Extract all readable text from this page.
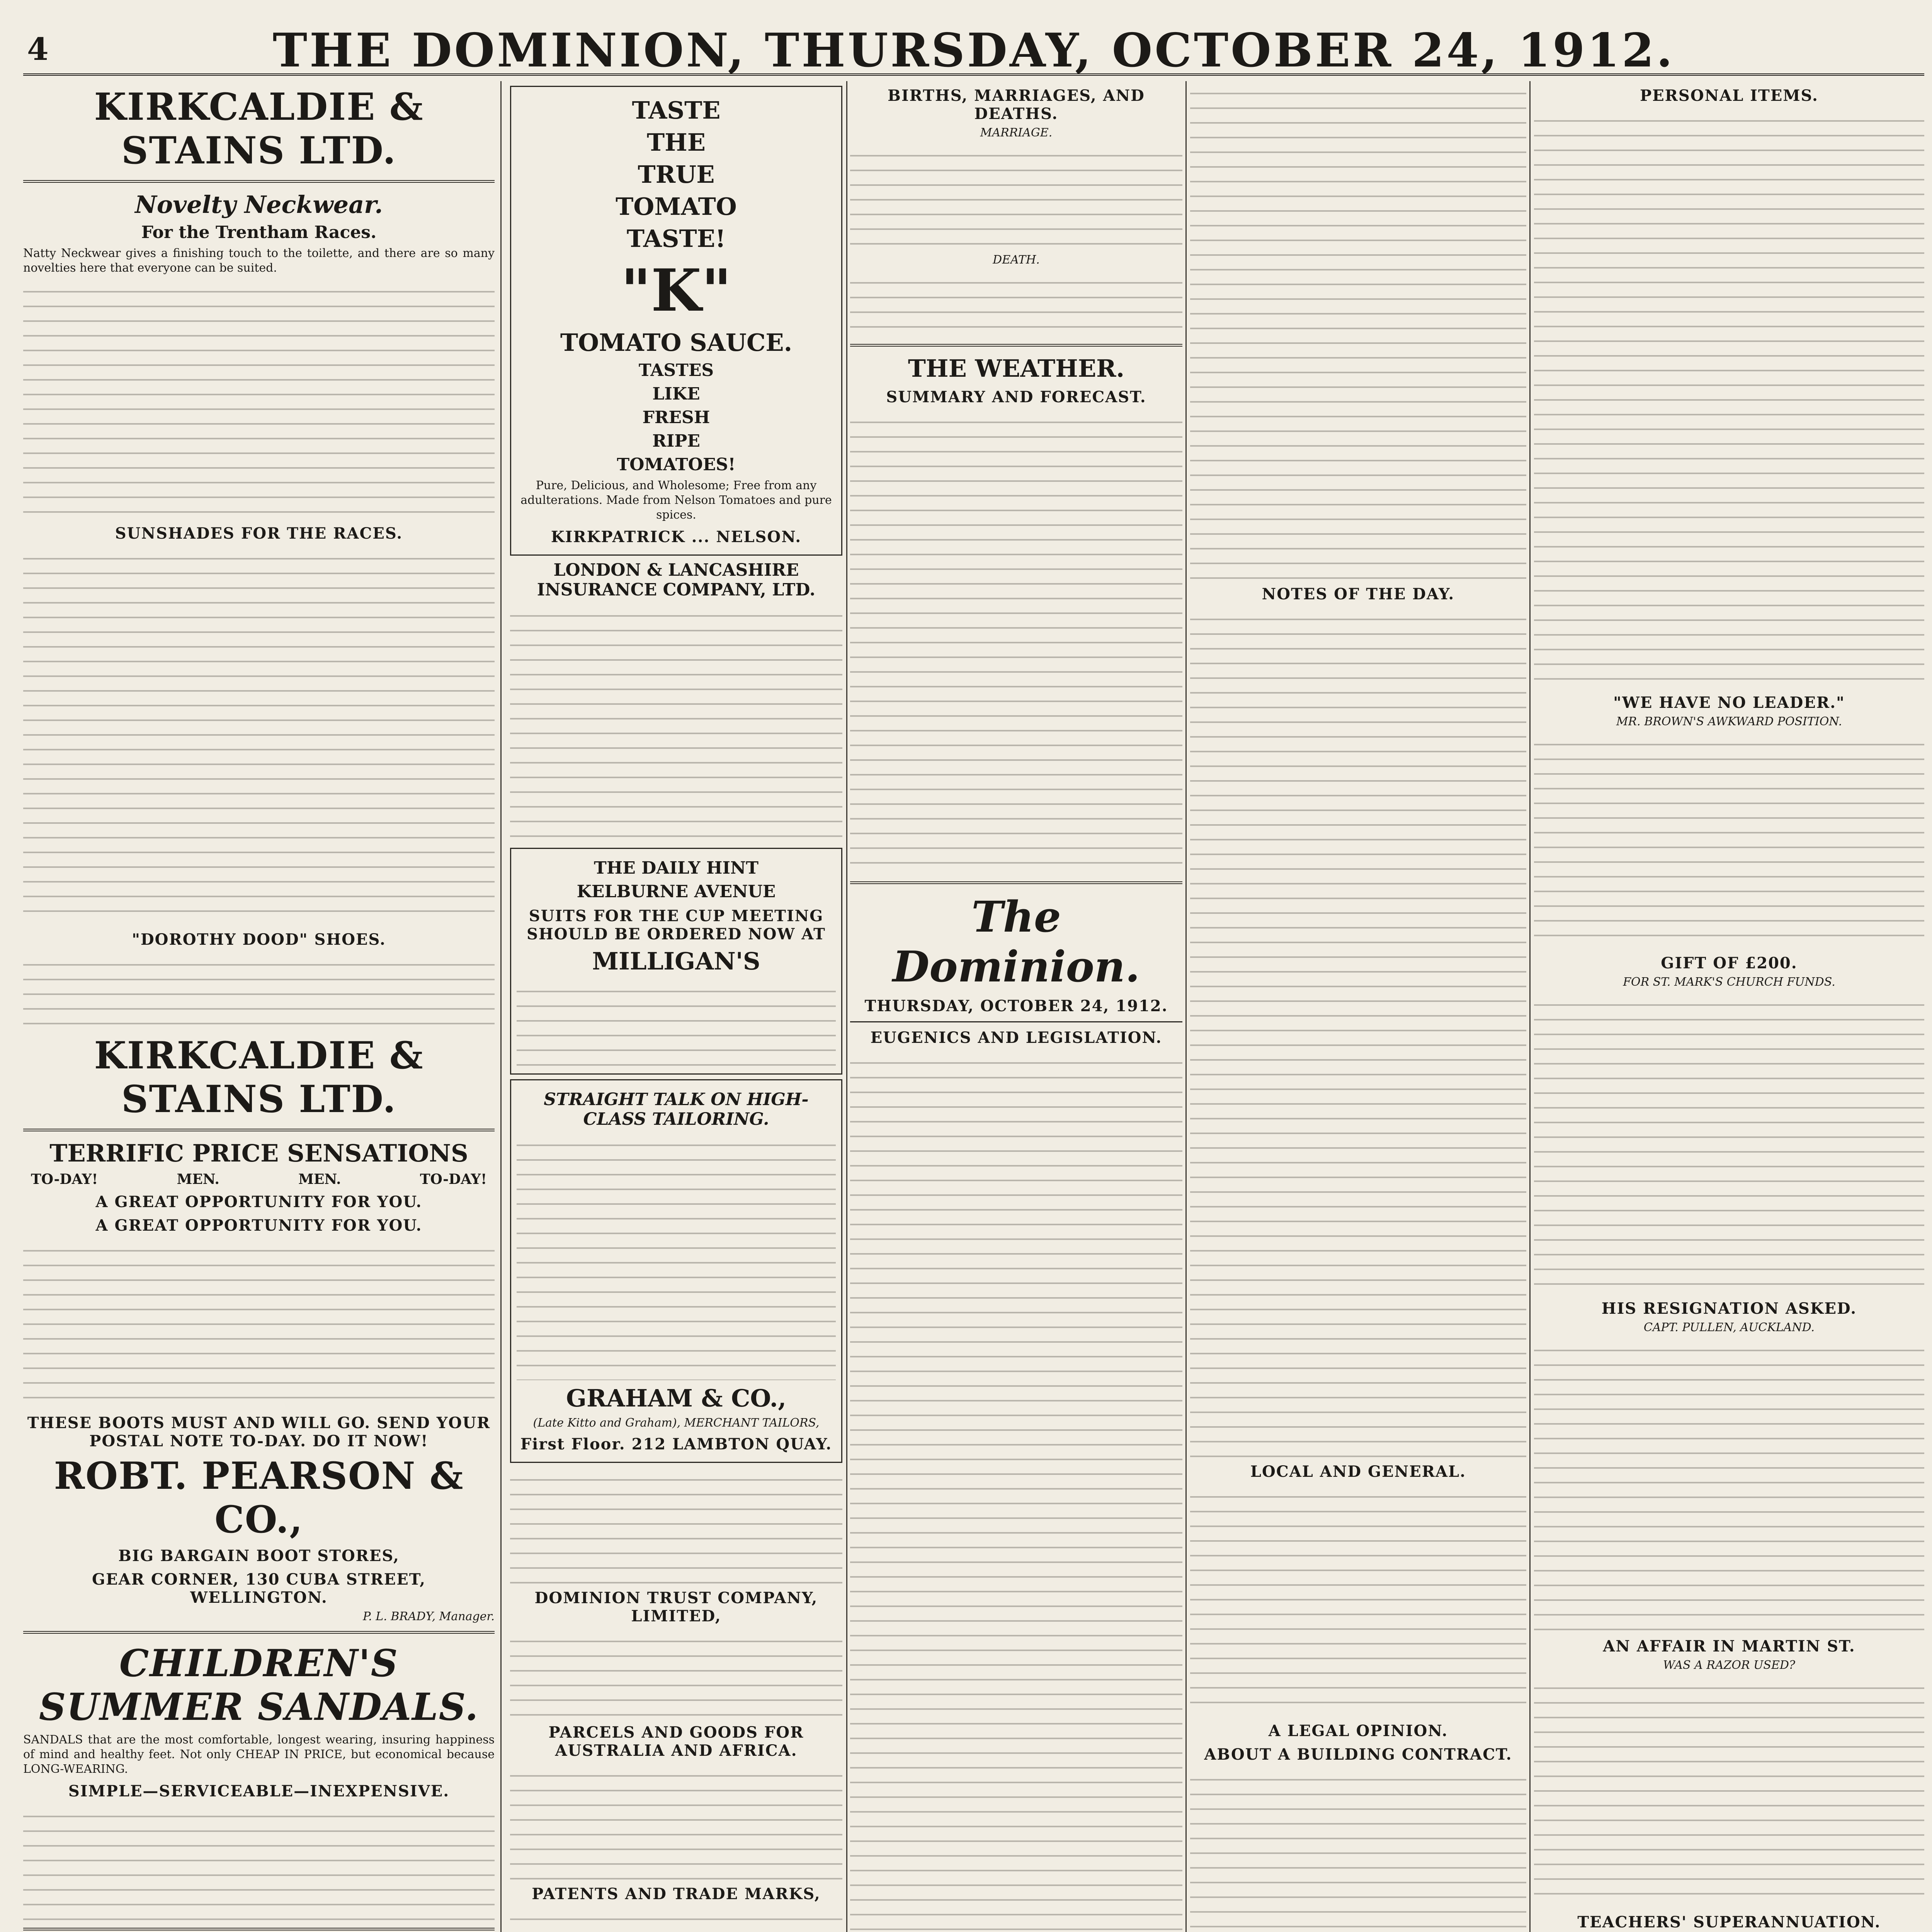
4	THE DOMINION, THURSDAY, OCTOBER 24, 1912.
KIRKCALDIE & STAINS LTD.
Novelty Neckwear.
For the Trentham Races.
Natty Neckwear gives a finishing touch to the toilette, and there are so many novelties here that everyone can be suited.
SUNSHADES FOR THE RACES.
"DOROTHY DOOD" SHOES.
KIRKCALDIE & STAINS LTD.
TERRIFIC PRICE SENSATIONS
TO-DAY!	MEN.	MEN.	TO-DAY!
A GREAT OPPORTUNITY FOR YOU.
A GREAT OPPORTUNITY FOR YOU.
THESE BOOTS MUST AND WILL GO. SEND YOUR POSTAL NOTE TO-DAY. DO IT NOW!
ROBT. PEARSON & CO.,
BIG BARGAIN BOOT STORES,
GEAR CORNER, 130 CUBA STREET, WELLINGTON.
P. L. BRADY, Manager.
CHILDREN'S SUMMER SANDALS.
SANDALS that are the most comfortable, longest wearing, insuring happiness of mind and healthy feet. Not only CHEAP IN PRICE, but economical because LONG-WEARING.
SIMPLE—SERVICEABLE—INEXPENSIVE.
TASTE
THE
TRUE
TOMATO
TASTE!
"K"
TOMATO SAUCE.
TASTES
LIKE
FRESH
RIPE
TOMATOES!
Pure, Delicious, and Wholesome; Free from any adulterations. Made from Nelson Tomatoes and pure spices.
KIRKPATRICK ... NELSON.
LONDON & LANCASHIRE INSURANCE COMPANY, LTD.
THE DAILY HINT
KELBURNE AVENUE
SUITS FOR THE CUP MEETING SHOULD BE ORDERED NOW AT
MILLIGAN'S
STRAIGHT TALK ON HIGH-CLASS TAILORING.
GRAHAM & CO.,
(Late Kitto and Graham), MERCHANT TAILORS,
First Floor. 212 LAMBTON QUAY.
DOMINION TRUST COMPANY, LIMITED,
PARCELS AND GOODS FOR AUSTRALIA AND AFRICA.
PATENTS AND TRADE MARKS,
BIRTHS, MARRIAGES, AND DEATHS.
MARRIAGE.
DEATH.
THE WEATHER.
SUMMARY AND FORECAST.
The Dominion.
THURSDAY, OCTOBER 24, 1912.
EUGENICS AND LEGISLATION.
NOTES OF THE DAY.
LOCAL AND GENERAL.
A LEGAL OPINION.
ABOUT A BUILDING CONTRACT.
PERSONAL ITEMS.
"WE HAVE NO LEADER."
MR. BROWN'S AWKWARD POSITION.
GIFT OF £200.
FOR ST. MARK'S CHURCH FUNDS.
HIS RESIGNATION ASKED.
CAPT. PULLEN, AUCKLAND.
AN AFFAIR IN MARTIN ST.
WAS A RAZOR USED?
TEACHERS' SUPERANNUATION.
